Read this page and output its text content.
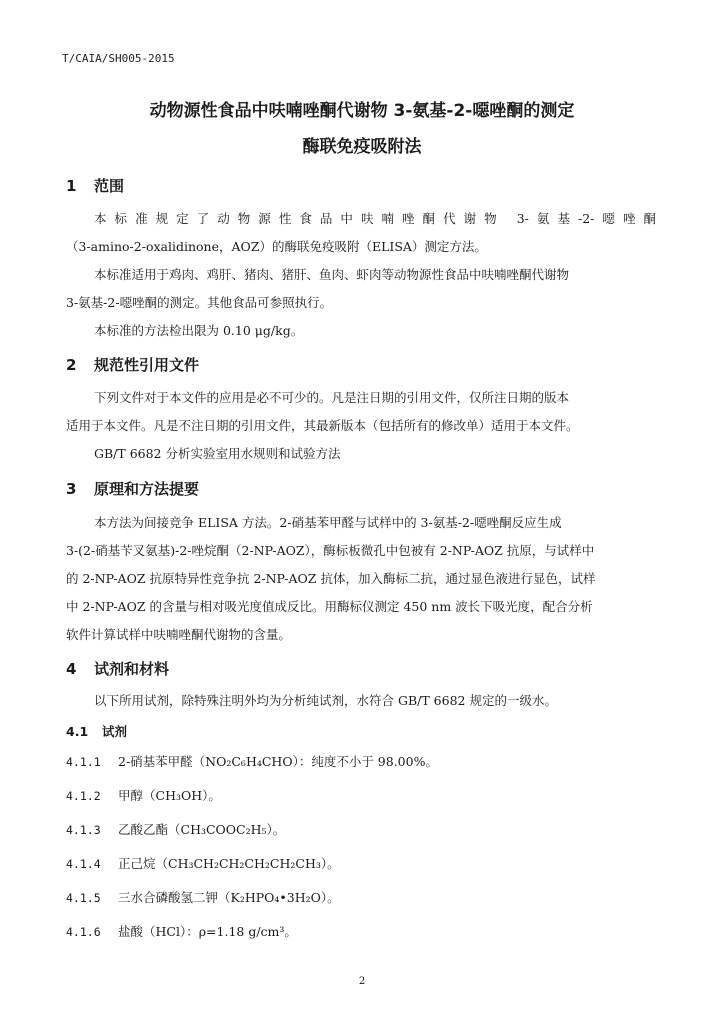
T/CAIA/SH005-2015
动物源性食品中呋喃唑酮代谢物 3-氨基-2-噁唑酮的测定
酶联免疫吸附法
1 范围
本标准规定了动物源性食品中呋喃唑酮代谢物 3-氨基-2-噁唑酮
（3-amino-2-oxalidinone，AOZ）的酶联免疫吸附（ELISA）测定方法。
本标准适用于鸡肉、鸡肝、猪肉、猪肝、鱼肉、虾肉等动物源性食品中呋喃唑酮代谢物
3-氨基-2-噁唑酮的测定。其他食品可参照执行。
本标准的方法检出限为 0.10 μg/kg。
2 规范性引用文件
下列文件对于本文件的应用是必不可少的。凡是注日期的引用文件，仅所注日期的版本
适用于本文件。凡是不注日期的引用文件，其最新版本（包括所有的修改单）适用于本文件。
GB/T 6682 分析实验室用水规则和试验方法
3 原理和方法提要
本方法为间接竞争 ELISA 方法。2-硝基苯甲醛与试样中的 3-氨基-2-噁唑酮反应生成
3-(2-硝基苄叉氨基)-2-唑烷酮（2-NP-AOZ），酶标板微孔中包被有 2-NP-AOZ 抗原，与试样中
的 2-NP-AOZ 抗原特异性竞争抗 2-NP-AOZ 抗体，加入酶标二抗，通过显色液进行显色，试样
中 2-NP-AOZ 的含量与相对吸光度值成反比。用酶标仪测定 450 nm 波长下吸光度，配合分析
软件计算试样中呋喃唑酮代谢物的含量。
4 试剂和材料
以下所用试剂，除特殊注明外均为分析纯试剂，水符合 GB/T 6682 规定的一级水。
4.1 试剂
4.1.1 2-硝基苯甲醛（NO₂C₆H₄CHO）：纯度不小于 98.00%。
4.1.2 甲醇（CH₃OH）。
4.1.3 乙酸乙酯（CH₃COOC₂H₅）。
4.1.4 正己烷（CH₃CH₂CH₂CH₂CH₂CH₃）。
4.1.5 三水合磷酸氢二钾（K₂HPO₄•3H₂O）。
4.1.6 盐酸（HCl）：ρ=1.18 g/cm³。
2
